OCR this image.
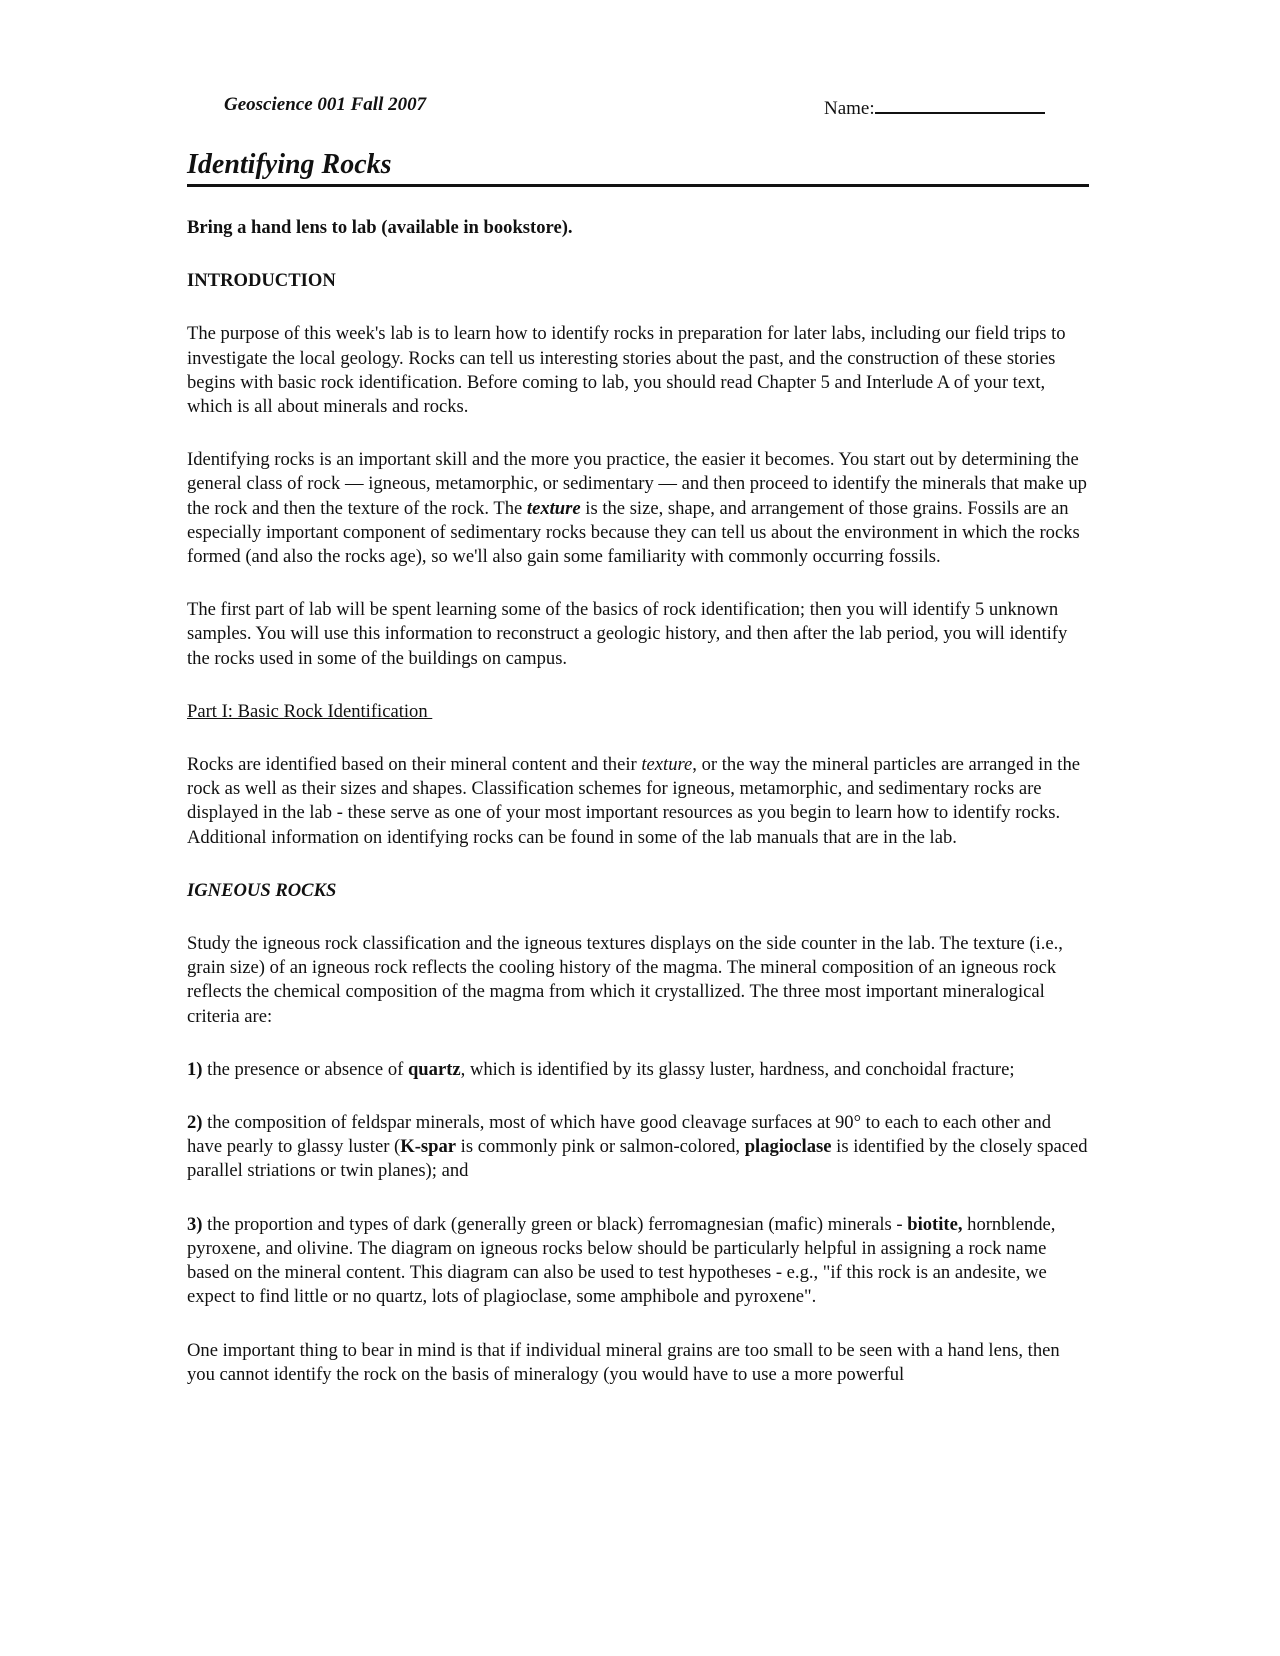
Geoscience 001 Fall 2007	Name:
Identifying Rocks

Bring a hand lens to lab (available in bookstore).

INTRODUCTION

The purpose of this week's lab is to learn how to identify rocks in preparation for later labs, including our field trips to investigate the local geology. Rocks can tell us interesting stories about the past, and the construction of these stories begins with basic rock identification. Before coming to lab, you should read Chapter 5 and Interlude A of your text, which is all about minerals and rocks.

Identifying rocks is an important skill and the more you practice, the easier it becomes. You start out by determining the general class of rock — igneous, metamorphic, or sedimentary — and then proceed to identify the minerals that make up the rock and then the texture of the rock. The texture is the size, shape, and arrangement of those grains. Fossils are an especially important component of sedimentary rocks because they can tell us about the environment in which the rocks formed (and also the rocks age), so we'll also gain some familiarity with commonly occurring fossils.

The first part of lab will be spent learning some of the basics of rock identification; then you will identify 5 unknown samples. You will use this information to reconstruct a geologic history, and then after the lab period, you will identify the rocks used in some of the buildings on campus.

Part I: Basic Rock Identification

Rocks are identified based on their mineral content and their texture, or the way the mineral particles are arranged in the rock as well as their sizes and shapes. Classification schemes for igneous, metamorphic, and sedimentary rocks are displayed in the lab - these serve as one of your most important resources as you begin to learn how to identify rocks. Additional information on identifying rocks can be found in some of the lab manuals that are in the lab.

IGNEOUS ROCKS

Study the igneous rock classification and the igneous textures displays on the side counter in the lab. The texture (i.e., grain size) of an igneous rock reflects the cooling history of the magma. The mineral composition of an igneous rock reflects the chemical composition of the magma from which it crystallized. The three most important mineralogical criteria are:

1) the presence or absence of quartz, which is identified by its glassy luster, hardness, and conchoidal fracture;

2) the composition of feldspar minerals, most of which have good cleavage surfaces at 90° to each to each other and have pearly to glassy luster (K-spar is commonly pink or salmon-colored, plagioclase is identified by the closely spaced parallel striations or twin planes); and

3) the proportion and types of dark (generally green or black) ferromagnesian (mafic) minerals - biotite, hornblende, pyroxene, and olivine. The diagram on igneous rocks below should be particularly helpful in assigning a rock name based on the mineral content. This diagram can also be used to test hypotheses - e.g., "if this rock is an andesite, we expect to find little or no quartz, lots of plagioclase, some amphibole and pyroxene".

One important thing to bear in mind is that if individual mineral grains are too small to be seen with a hand lens, then you cannot identify the rock on the basis of mineralogy (you would have to use a more powerful
